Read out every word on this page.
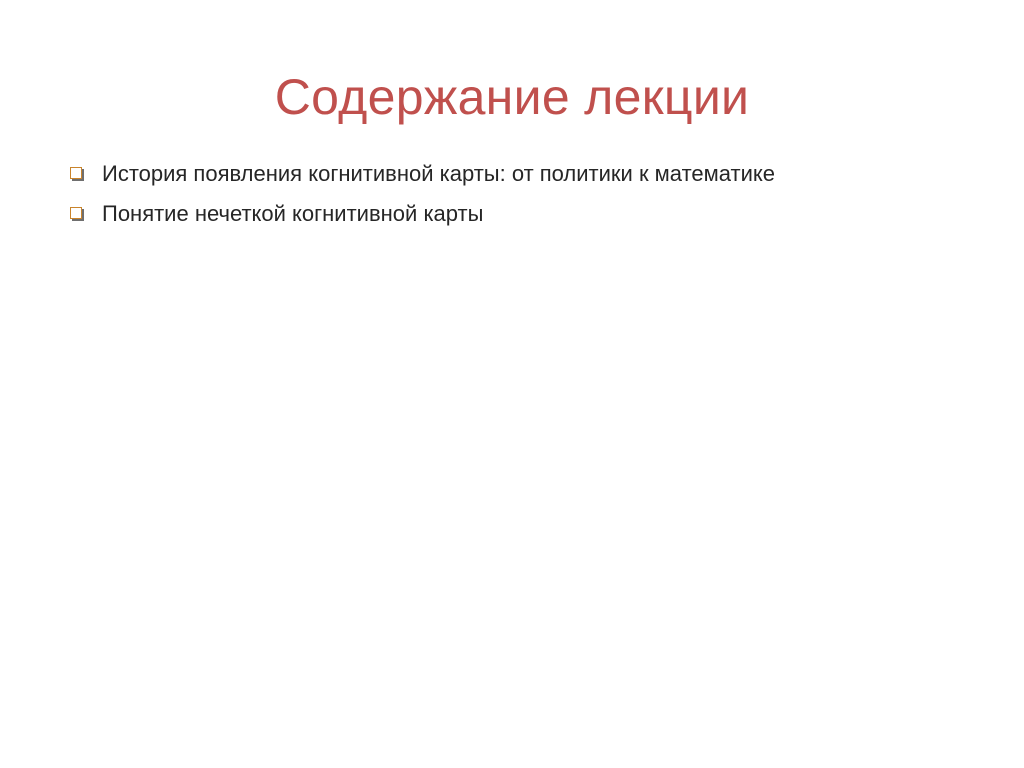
Содержание лекции
История появления когнитивной карты: от политики к математике
Понятие нечеткой когнитивной карты
